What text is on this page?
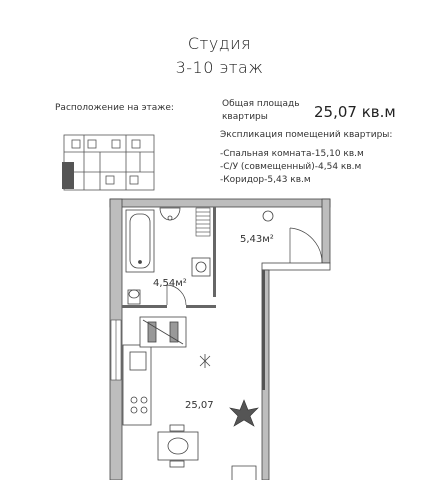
Студия
3-10 этаж
Расположение на этаже:	Общая площадь
квартиры	25,07 кв.м
Экспликация помещений квартиры:
-Спальная комната-15,10 кв.м
-С/У (совмещенный)-4,54 кв.м
-Коридор-5,43 кв.м
5,43м²
4,54м²
25,07
